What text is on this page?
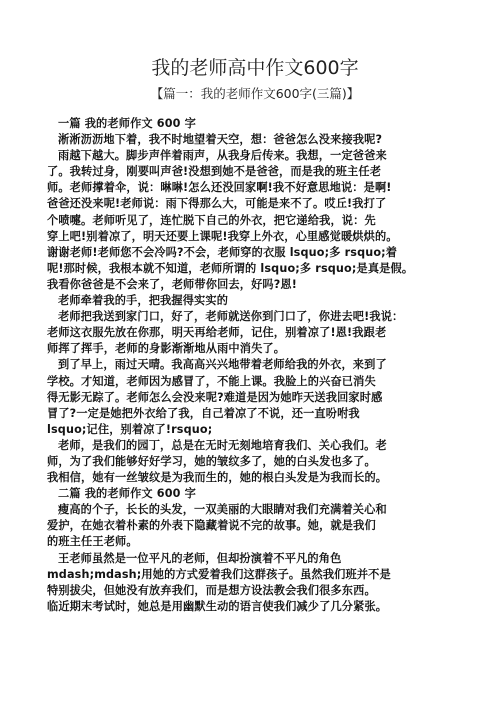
我的老师高中作文600字
【篇一：我的老师作文600字(三篇)】
一篇 我的老师作文 600 字
淅淅沥沥地下着，我不时地望着天空，想：爸爸怎么没来接我呢?
雨越下越大。脚步声伴着雨声，从我身后传来。我想，一定爸爸来
了。我转过身，刚要叫声爸!没想到她不是爸爸，而是我的班主任老
师。老师撑着伞，说：晽晽!怎么还没回家啊!我不好意思地说：是啊!
爸爸还没来呢!老师说：雨下得那么大，可能是来不了。哎丘!我打了
个喷嚏。老师听见了，连忙脱下自己的外衣，把它递给我，说：先
穿上吧!别着凉了，明天还要上课呢!我穿上外衣，心里感觉暖烘烘的。
谢谢老师!老师您不会冷吗?不会，老师穿的衣服 lsquo;多 rsquo;着
呢!那时候，我根本就不知道，老师所谓的 lsquo;多 rsquo;是真是假。
我看你爸爸是不会来了，老师带你回去，好吗?恩!
老师牵着我的手，把我握得实实的
老师把我送到家门口，好了，老师就送你到门口了，你进去吧!我说：
老师这衣服先放在你那，明天再给老师，记住，别着凉了!恩!我跟老
师挥了挥手，老师的身影渐渐地从雨中消失了。
到了早上，雨过天晴。我高高兴兴地带着老师给我的外衣，来到了
学校。才知道，老师因为感冒了，不能上课。我脸上的兴奋已消失
得无影无踪了。老师怎么会没来呢?难道是因为她昨天送我回家时感
冒了?一定是她把外衣给了我，自己着凉了不说，还一直吩咐我
lsquo;记住，别着凉了!rsquo;
老师，是我们的园丁，总是在无时无刻地培育我们、关心我们。老
师，为了我们能够好好学习，她的皱纹多了，她的白头发也多了。
我相信，她有一丝皱纹是为我而生的，她的根白头发是为我而长的。
二篇 我的老师作文 600 字
瘦高的个子，长长的头发，一双美丽的大眼睛对我们充满着关心和
爱护，在她衣着朴素的外表下隐藏着说不完的故事。她，就是我们
的班主任王老师。
王老师虽然是一位平凡的老师，但却扮演着不平凡的角色
mdash;mdash;用她的方式爱着我们这群孩子。虽然我们班并不是
特别拔尖，但她没有放弃我们，而是想方设法教会我们很多东西。
临近期末考试时，她总是用幽默生动的语言使我们减少了几分紧张。
